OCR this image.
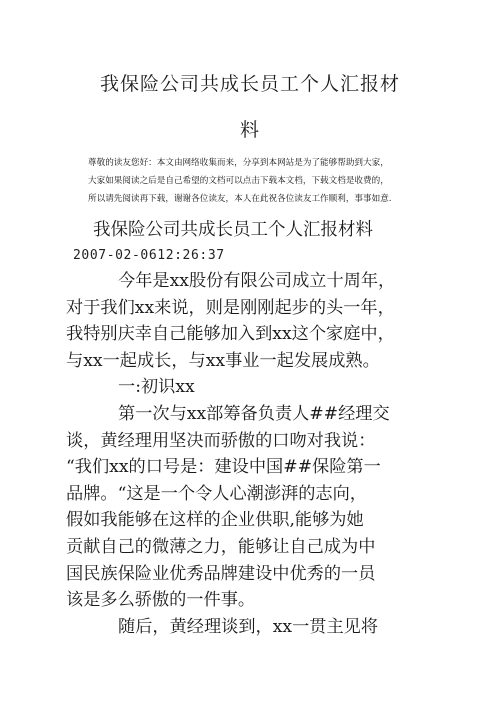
我保险公司共成长员工个人汇报材
料
尊敬的读友您好：本文由网络收集而来，分享到本网站是为了能够帮助到大家，
大家如果阅读之后是自己希望的文档可以点击下载本文档，下载文档是收费的，
所以请先阅读再下载，谢谢各位读友，本人在此祝各位读友工作顺利，事事如意.
我保险公司共成长员工个人汇报材料
2007-02-0612:26:37
今年是xx股份有限公司成立十周年，
对于我们xx来说，则是刚刚起步的头一年，
我特别庆幸自己能够加入到xx这个家庭中，
与xx一起成长，与xx事业一起发展成熟。
一:初识xx
第一次与xx部筹备负责人##经理交
谈，黄经理用坚决而骄傲的口吻对我说：
“我们xx的口号是：建设中国##保险第一
品牌。“这是一个令人心潮澎湃的志向，
假如我能够在这样的企业供职,能够为她
贡献自己的微薄之力，能够让自己成为中
国民族保险业优秀品牌建设中优秀的一员
该是多么骄傲的一件事。
随后，黄经理谈到，xx一贯主见将
